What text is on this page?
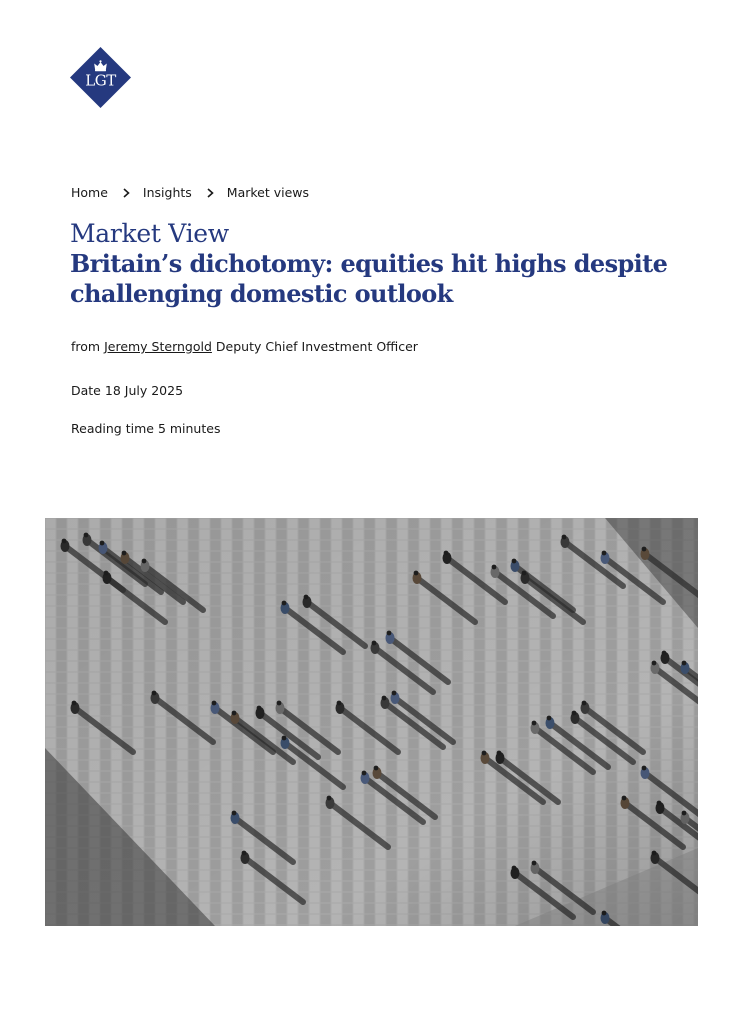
LGT
Home	Insights	Market views
Market View
Britain’s dichotomy: equities hit highs despite
challenging domestic outlook
from Jeremy Sterngold Deputy Chief Investment Officer
Date 18 July 2025
Reading time 5 minutes
